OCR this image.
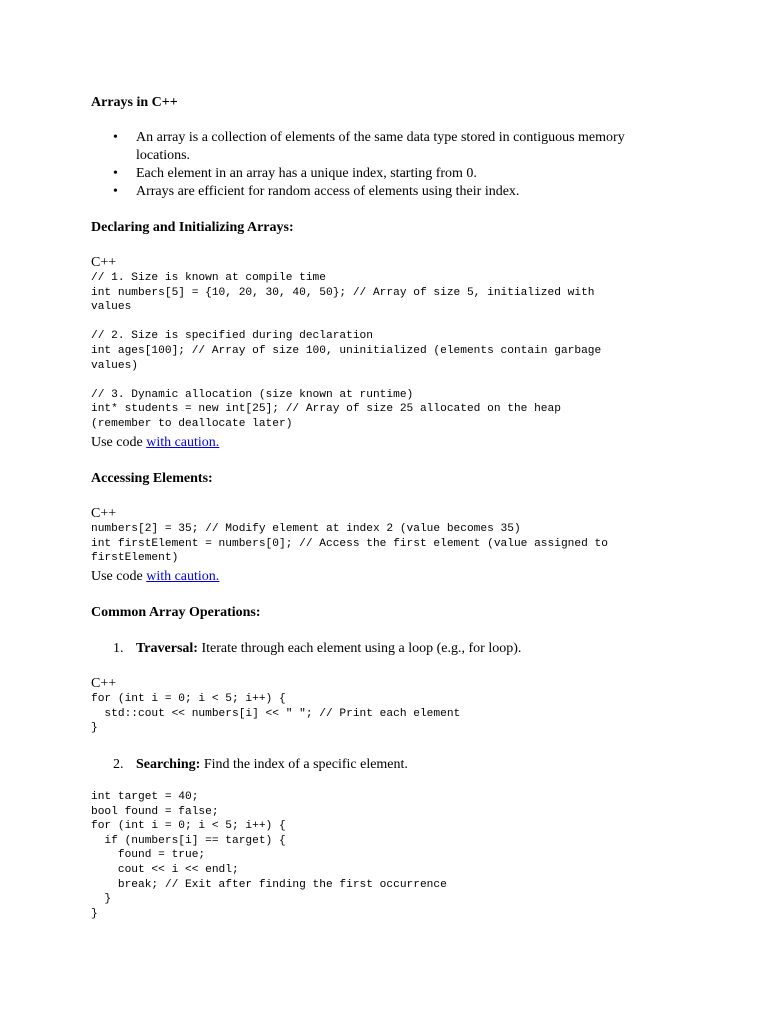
Arrays in C++
•	An array is a collection of elements of the same data type stored in contiguous memory
locations.
•	Each element in an array has a unique index, starting from 0.
•	Arrays are efficient for random access of elements using their index.
Declaring and Initializing Arrays:
C++
// 1. Size is known at compile time
int numbers[5] = {10, 20, 30, 40, 50}; // Array of size 5, initialized with
values

// 2. Size is specified during declaration
int ages[100]; // Array of size 100, uninitialized (elements contain garbage
values)

// 3. Dynamic allocation (size known at runtime)
int* students = new int[25]; // Array of size 25 allocated on the heap
(remember to deallocate later)
Use code with caution.
Accessing Elements:
C++
numbers[2] = 35; // Modify element at index 2 (value becomes 35)
int firstElement = numbers[0]; // Access the first element (value assigned to
firstElement)
Use code with caution.
Common Array Operations:
1. Traversal: Iterate through each element using a loop (e.g., for loop).
C++
for (int i = 0; i < 5; i++) {
std::cout << numbers[i] << " "; // Print each element
}
2. Searching: Find the index of a specific element.
int target = 40;
bool found = false;
for (int i = 0; i < 5; i++) {
if (numbers[i] == target) {
found = true;
cout << i << endl;
break; // Exit after finding the first occurrence
}
}
